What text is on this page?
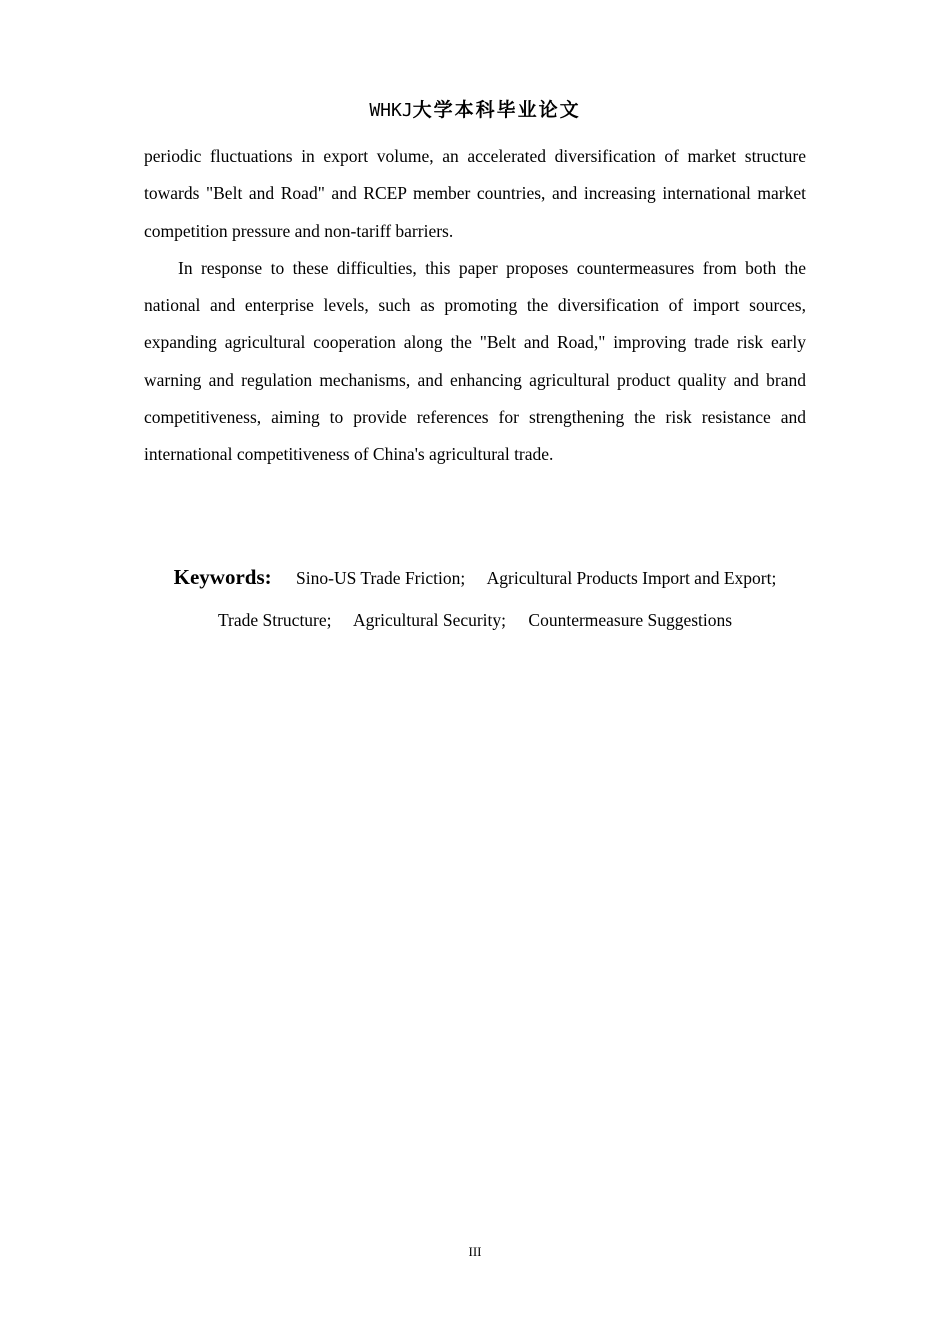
WHKJ大学本科毕业论文

periodic fluctuations in export volume, an accelerated diversification of market structure towards "Belt and Road" and RCEP member countries, and increasing international market competition pressure and non-tariff barriers.

In response to these difficulties, this paper proposes countermeasures from both the national and enterprise levels, such as promoting the diversification of import sources, expanding agricultural cooperation along the "Belt and Road," improving trade risk early warning and regulation mechanisms, and enhancing agricultural product quality and brand competitiveness, aiming to provide references for strengthening the risk resistance and international competitiveness of China's agricultural trade.

Keywords: Sino-US Trade Friction; Agricultural Products Import and Export;
Trade Structure; Agricultural Security; Countermeasure Suggestions
III
